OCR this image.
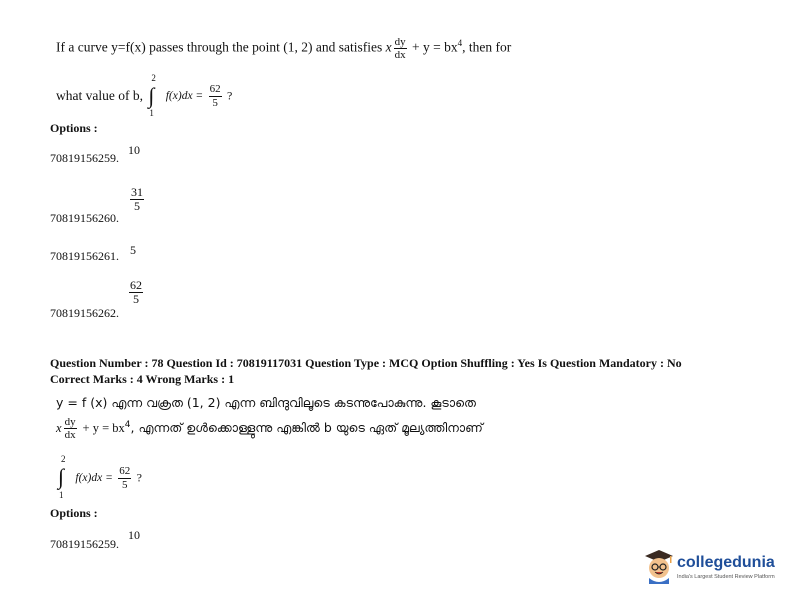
If a curve y=f(x) passes through the point (1, 2) and satisfies x $\frac{dy}{dx} + y = bx^4$, then for
what value of b,
2
∫
1
$f(x)dx = \frac{62}{5}$ ?
Options :
70819156259.
10
70819156260.
$\frac{31}{5}$
70819156261. 5
70819156262.
$\frac{62}{5}$
Question Number : 78 Question Id : 70819117031 Question Type : MCQ Option Shuffling : Yes Is Question Mandatory : No
Correct Marks : 4 Wrong Marks : 1
y = f (x) എന്ന വക്രത (1, 2) എന്ന ബിന്ദുവിലൂടെ കടന്നുപോകുന്നു. കൂടാതെ
x $\frac{dy}{dx} + y = bx^4$, എന്നത് ഉൾക്കൊള്ളുന്നു എങ്കിൽ b യുടെ ഏത് മൂല്യത്തിനാണ്
2
∫
1
$f(x)dx = \frac{62}{5}$ ?
Options :
70819156259.
10
collegedunia
India's Largest Student Review Platform
